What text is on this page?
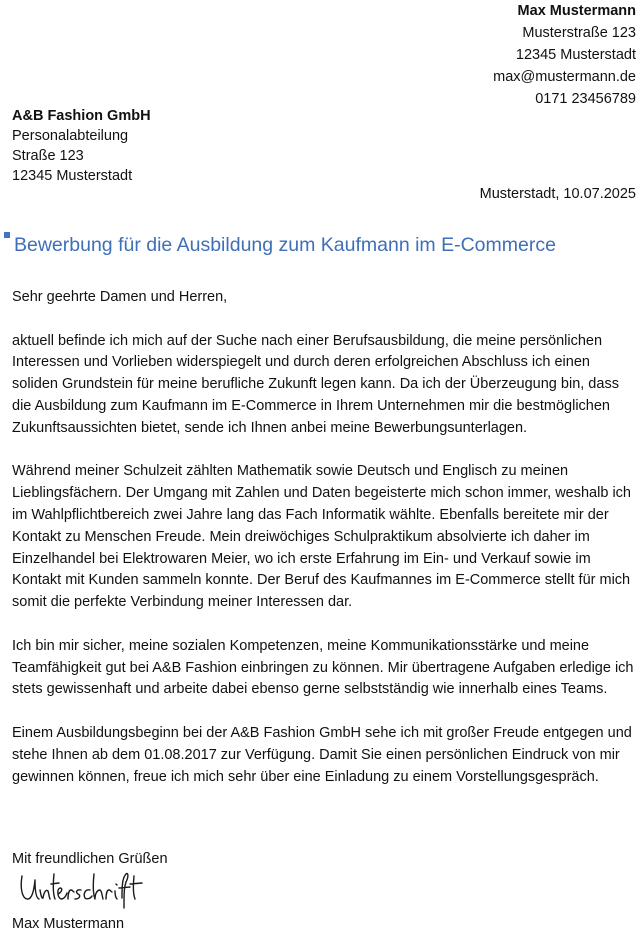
Max Mustermann
Musterstraße 123
12345 Musterstadt
max@mustermann.de
0171 23456789
A&B Fashion GmbH
Personalabteilung
Straße 123
12345 Musterstadt
Musterstadt, 10.07.2025
Bewerbung für die Ausbildung zum Kaufmann im E-Commerce

Sehr geehrte Damen und Herren,

aktuell befinde ich mich auf der Suche nach einer Berufsausbildung, die meine persönlichen Interessen und Vorlieben widerspiegelt und durch deren erfolgreichen Abschluss ich einen soliden Grundstein für meine berufliche Zukunft legen kann. Da ich der Überzeugung bin, dass die Ausbildung zum Kaufmann im E-Commerce in Ihrem Unternehmen mir die bestmöglichen Zukunftsaussichten bietet, sende ich Ihnen anbei meine Bewerbungsunterlagen.

Während meiner Schulzeit zählten Mathematik sowie Deutsch und Englisch zu meinen Lieblingsfächern. Der Umgang mit Zahlen und Daten begeisterte mich schon immer, weshalb ich im Wahlpflichtbereich zwei Jahre lang das Fach Informatik wählte. Ebenfalls bereitete mir der Kontakt zu Menschen Freude. Mein dreiwöchiges Schulpraktikum absolvierte ich daher im Einzelhandel bei Elektrowaren Meier, wo ich erste Erfahrung im Ein- und Verkauf sowie im Kontakt mit Kunden sammeln konnte. Der Beruf des Kaufmannes im E-Commerce stellt für mich somit die perfekte Verbindung meiner Interessen dar.

Ich bin mir sicher, meine sozialen Kompetenzen, meine Kommunikationsstärke und meine Teamfähigkeit gut bei A&B Fashion einbringen zu können. Mir übertragene Aufgaben erledige ich stets gewissenhaft und arbeite dabei ebenso gerne selbstständig wie innerhalb eines Teams.

Einem Ausbildungsbeginn bei der A&B Fashion GmbH sehe ich mit großer Freude entgegen und stehe Ihnen ab dem 01.08.2017 zur Verfügung. Damit Sie einen persönlichen Eindruck von mir gewinnen können, freue ich mich sehr über eine Einladung zu einem Vorstellungsgespräch.

Mit freundlichen Grüßen
Max Mustermann
